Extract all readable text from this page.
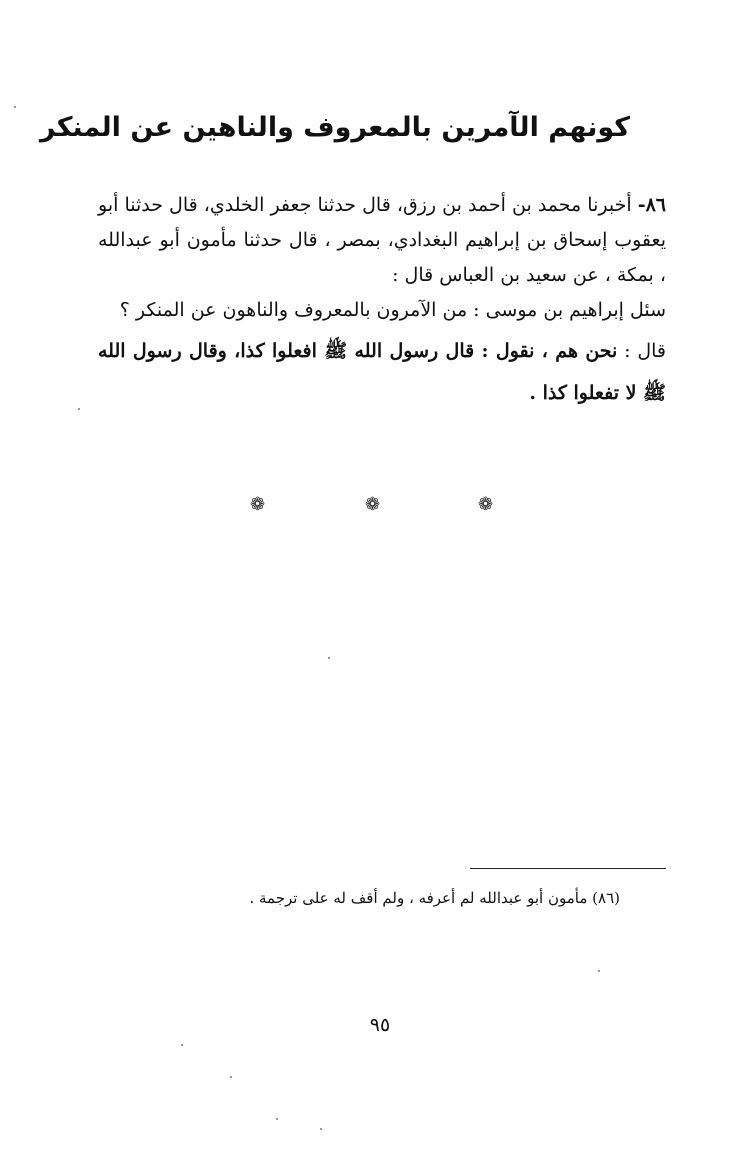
كونهم الآمرين بالمعروف والناهين عن المنكر

٨٦- أخبرنا محمد بن أحمد بن رزق، قال حدثنا جعفر الخلدي، قال حدثنا أبو يعقوب إسحاق بن إبراهيم البغدادي، بمصر ، قال حدثنا مأمون أبو عبدالله ، بمكة ، عن سعيد بن العباس قال :

سئل إبراهيم بن موسى : من الآمرون بالمعروف والناهون عن المنكر ؟

قال : نحن هم ، نقول : قال رسول الله ﷺ افعلوا كذا، وقال رسول الله ﷺ لا تفعلوا كذا .

❁	❁	❁
(٨٦) مأمون أبو عبدالله لم أعرفه ، ولم أقف له على ترجمة .
٩٥
